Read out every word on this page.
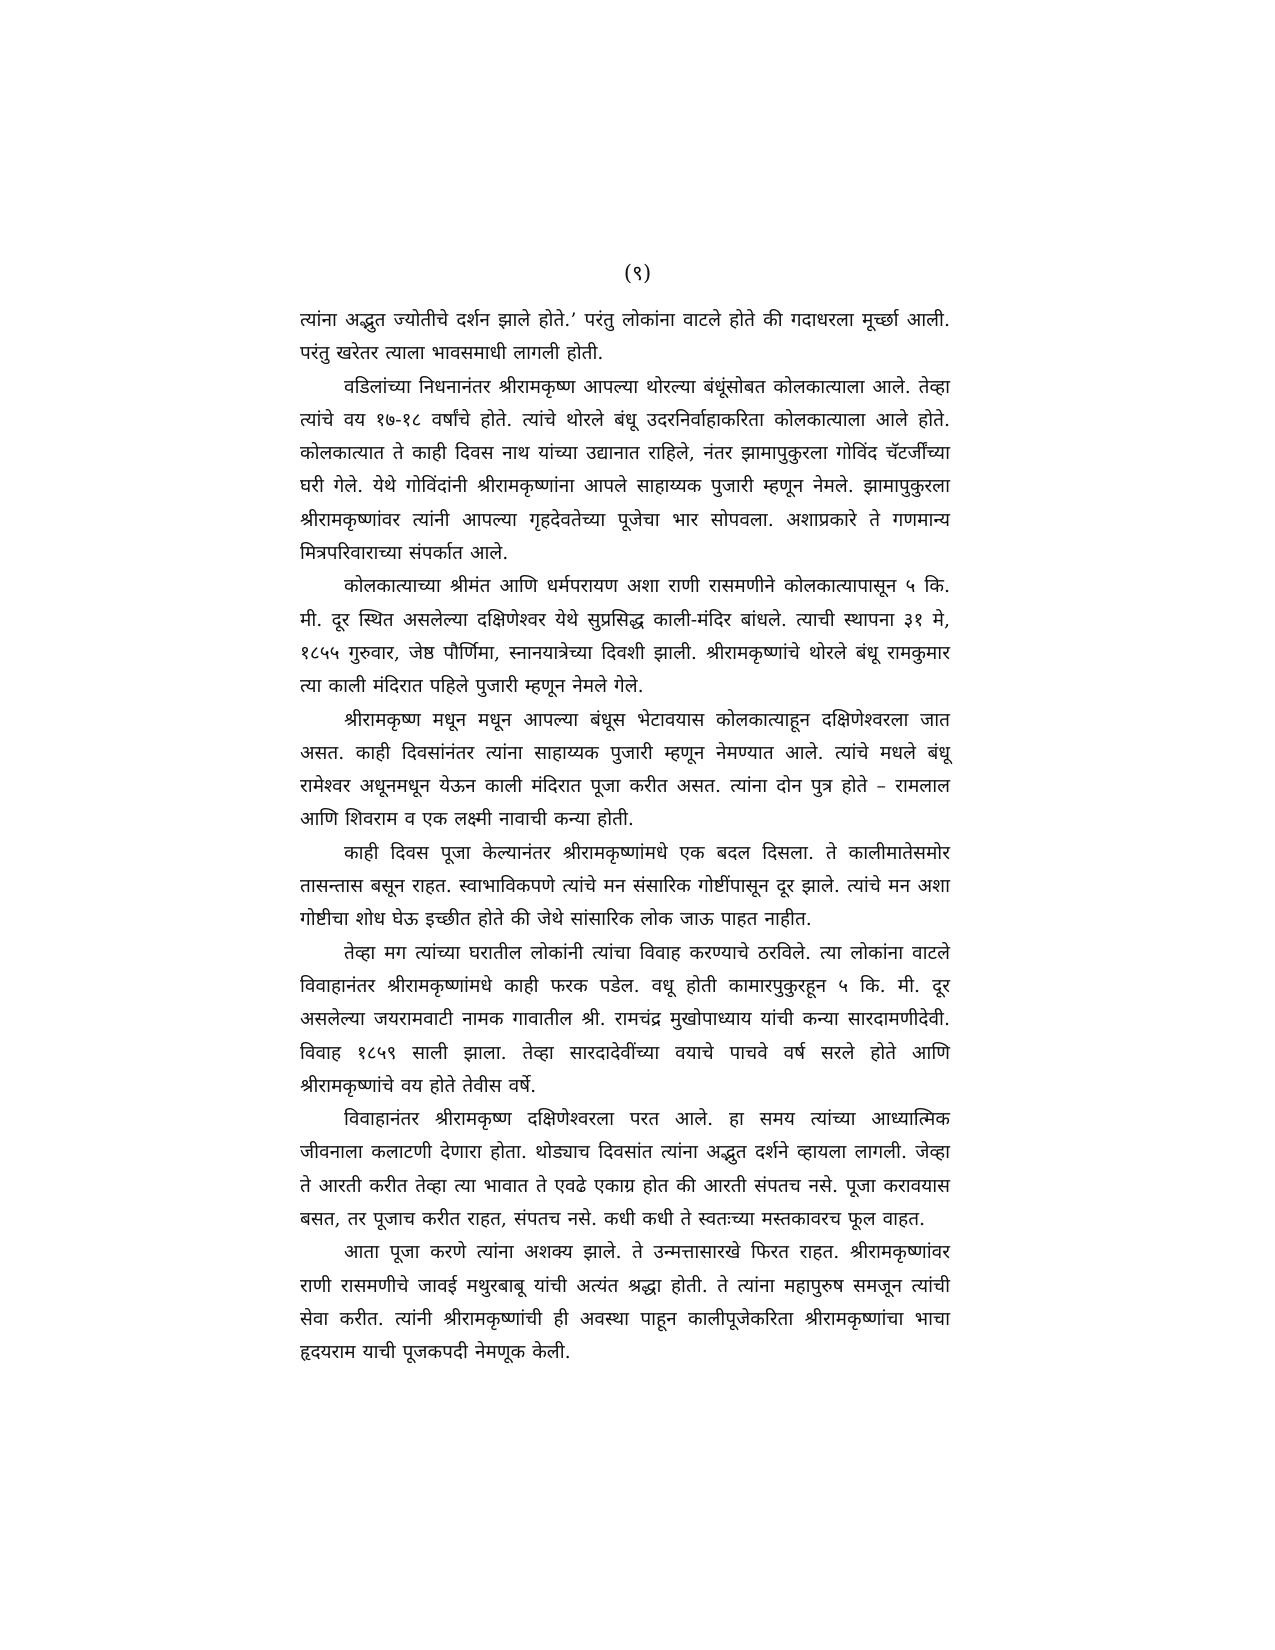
(९)

त्यांना अद्भुत ज्योतीचे दर्शन झाले होते.’ परंतु लोकांना वाटले होते की गदाधरला मूर्च्छा आली. परंतु खरेतर त्याला भावसमाधी लागली होती.

वडिलांच्या निधनानंतर श्रीरामकृष्ण आपल्या थोरल्या बंधूंसोबत कोलकात्याला आले. तेव्हा त्यांचे वय १७-१८ वर्षांचे होते. त्यांचे थोरले बंधू उदरनिर्वाहाकरिता कोलकात्याला आले होते. कोलकात्यात ते काही दिवस नाथ यांच्या उद्यानात राहिले, नंतर झामापुकुरला गोविंद चॅटर्जींच्या घरी गेले. येथे गोविंदांनी श्रीरामकृष्णांना आपले साहाय्यक पुजारी म्हणून नेमले. झामापुकुरला श्रीरामकृष्णांवर त्यांनी आपल्या गृहदेवतेच्या पूजेचा भार सोपवला. अशाप्रकारे ते गणमान्य मित्रपरिवाराच्या संपर्कात आले.

कोलकात्याच्या श्रीमंत आणि धर्मपरायण अशा राणी रासमणीने कोलकात्यापासून ५ कि. मी. दूर स्थित असलेल्या दक्षिणेश्वर येथे सुप्रसिद्ध काली-मंदिर बांधले. त्याची स्थापना ३१ मे, १८५५ गुरुवार, जेष्ठ पौर्णिमा, स्नानयात्रेच्या दिवशी झाली. श्रीरामकृष्णांचे थोरले बंधू रामकुमार त्या काली मंदिरात पहिले पुजारी म्हणून नेमले गेले.

श्रीरामकृष्ण मधून मधून आपल्या बंधूस भेटावयास कोलकात्याहून दक्षिणेश्वरला जात असत. काही दिवसांनंतर त्यांना साहाय्यक पुजारी म्हणून नेमण्यात आले. त्यांचे मधले बंधू रामेश्वर अधूनमधून येऊन काली मंदिरात पूजा करीत असत. त्यांना दोन पुत्र होते – रामलाल आणि शिवराम व एक लक्ष्मी नावाची कन्या होती.

काही दिवस पूजा केल्यानंतर श्रीरामकृष्णांमधे एक बदल दिसला. ते कालीमातेसमोर तासन्तास बसून राहत. स्वाभाविकपणे त्यांचे मन संसारिक गोष्टींपासून दूर झाले. त्यांचे मन अशा गोष्टीचा शोध घेऊ इच्छीत होते की जेथे सांसारिक लोक जाऊ पाहत नाहीत.

तेव्हा मग त्यांच्या घरातील लोकांनी त्यांचा विवाह करण्याचे ठरविले. त्या लोकांना वाटले विवाहानंतर श्रीरामकृष्णांमधे काही फरक पडेल. वधू होती कामारपुकुरहून ५ कि. मी. दूर असलेल्या जयरामवाटी नामक गावातील श्री. रामचंद्र मुखोपाध्याय यांची कन्या सारदामणीदेवी. विवाह १८५९ साली झाला. तेव्हा सारदादेवींच्या वयाचे पाचवे वर्ष सरले होते आणि श्रीरामकृष्णांचे वय होते तेवीस वर्षे.

विवाहानंतर श्रीरामकृष्ण दक्षिणेश्वरला परत आले. हा समय त्यांच्या आध्यात्मिक जीवनाला कलाटणी देणारा होता. थोड्याच दिवसांत त्यांना अद्भुत दर्शने व्हायला लागली. जेव्हा ते आरती करीत तेव्हा त्या भावात ते एवढे एकाग्र होत की आरती संपतच नसे. पूजा करावयास बसत, तर पूजाच करीत राहत, संपतच नसे. कधी कधी ते स्वतःच्या मस्तकावरच फूल वाहत.

आता पूजा करणे त्यांना अशक्य झाले. ते उन्मत्तासारखे फिरत राहत. श्रीरामकृष्णांवर राणी रासमणीचे जावई मथुरबाबू यांची अत्यंत श्रद्धा होती. ते त्यांना महापुरुष समजून त्यांची सेवा करीत. त्यांनी श्रीरामकृष्णांची ही अवस्था पाहून कालीपूजेकरिता श्रीरामकृष्णांचा भाचा हृदयराम याची पूजकपदी नेमणूक केली.
